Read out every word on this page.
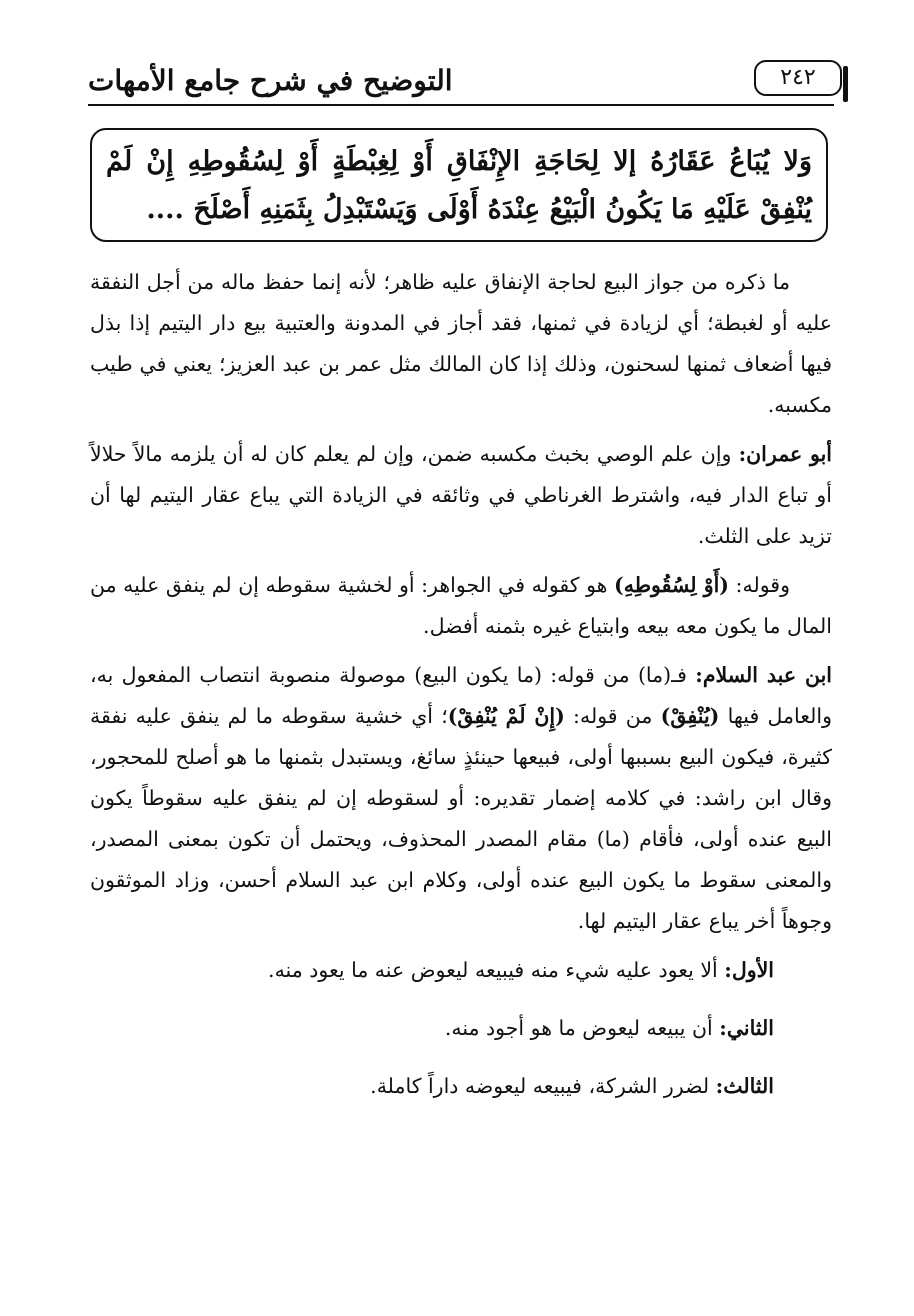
٢٤٢
التوضيح في شرح جامع الأمهات
وَلا يُبَاعُ عَقَارُهُ إلا لِحَاجَةِ الإِنْفَاقِ أَوْ لِغِبْطَةٍ أَوْ لِسُقُوطِهِ إِنْ لَمْ يُنْفِقْ عَلَيْهِ مَا يَكُونُ الْبَيْعُ عِنْدَهُ أَوْلَى وَيَسْتَبْدِلُ بِثَمَنِهِ أَصْلَحَ ....

ما ذكره من جواز البيع لحاجة الإنفاق عليه ظاهر؛ لأنه إنما حفظ ماله من أجل النفقة عليه أو لغبطة؛ أي لزيادة في ثمنها، فقد أجاز في المدونة والعتبية بيع دار اليتيم إذا بذل فيها أضعاف ثمنها لسحنون، وذلك إذا كان المالك مثل عمر بن عبد العزيز؛ يعني في طيب مكسبه.

أبو عمران: وإن علم الوصي بخبث مكسبه ضمن، وإن لم يعلم كان له أن يلزمه مالاً حلالاً أو تباع الدار فيه، واشترط الغرناطي في وثائقه في الزيادة التي يباع عقار اليتيم لها أن تزيد على الثلث.

وقوله: (أَوْ لِسُقُوطِهِ) هو كقوله في الجواهر: أو لخشية سقوطه إن لم ينفق عليه من المال ما يكون معه بيعه وابتياع غيره بثمنه أفضل.

ابن عبد السلام: فـ(ما) من قوله: (ما يكون البيع) موصولة منصوبة انتصاب المفعول به، والعامل فيها (يُنْفِقْ) من قوله: (إِنْ لَمْ يُنْفِقْ)؛ أي خشية سقوطه ما لم ينفق عليه نفقة كثيرة، فيكون البيع بسببها أولى، فبيعها حينئذٍ سائغ، ويستبدل بثمنها ما هو أصلح للمحجور، وقال ابن راشد: في كلامه إضمار تقديره: أو لسقوطه إن لم ينفق عليه سقوطاً يكون البيع عنده أولى، فأقام (ما) مقام المصدر المحذوف، ويحتمل أن تكون بمعنى المصدر، والمعنى سقوط ما يكون البيع عنده أولى، وكلام ابن عبد السلام أحسن، وزاد الموثقون وجوهاً أخر يباع عقار اليتيم لها.

الأول: ألا يعود عليه شيء منه فيبيعه ليعوض عنه ما يعود منه.
الثاني: أن يبيعه ليعوض ما هو أجود منه.
الثالث: لضرر الشركة، فيبيعه ليعوضه داراً كاملة.
